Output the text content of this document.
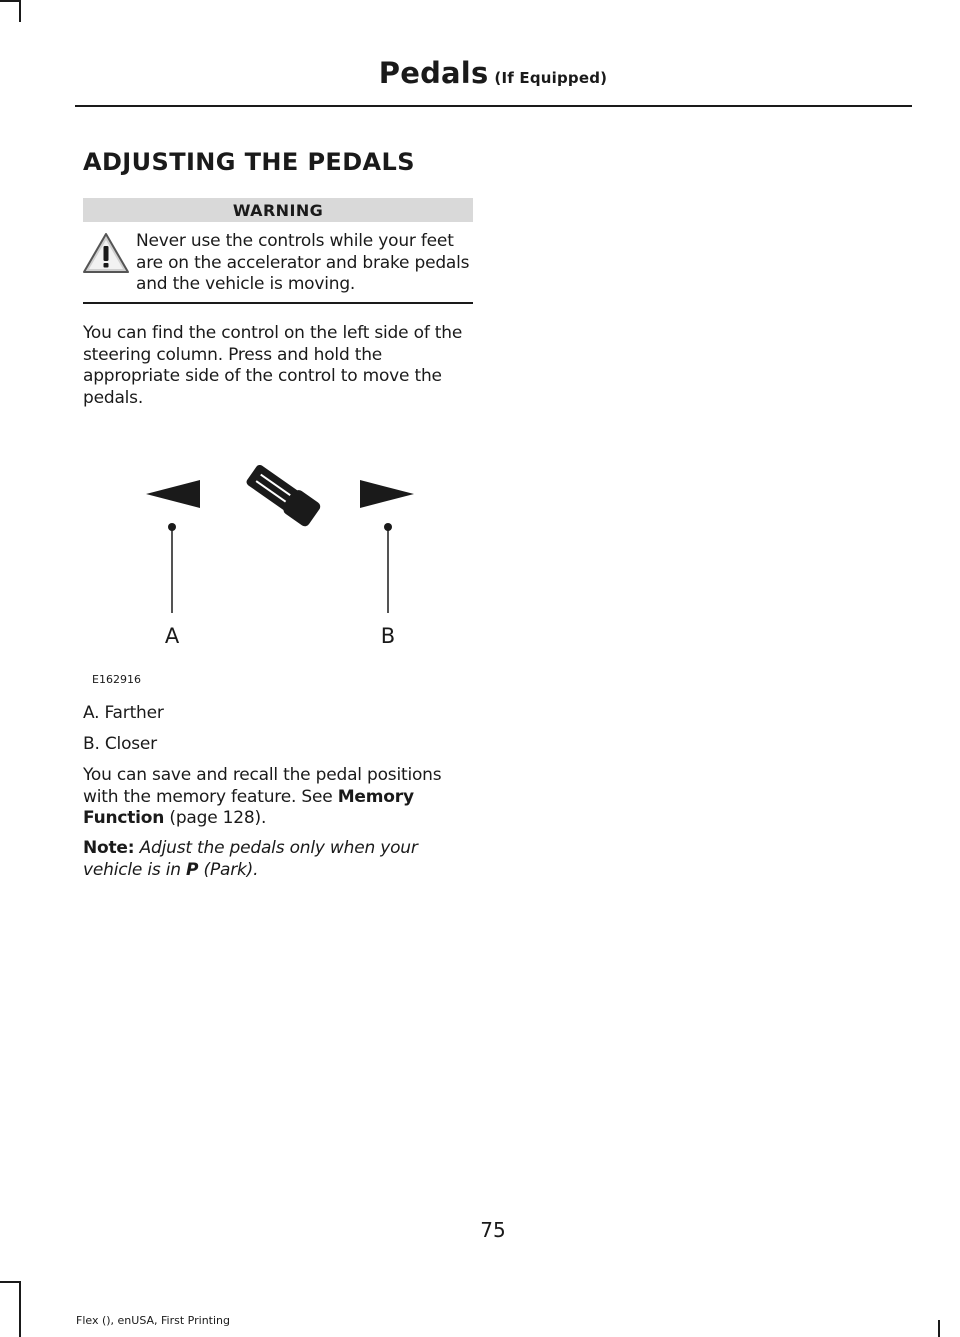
Pedals (If Equipped)
ADJUSTING THE PEDALS
WARNING
Never use the controls while your feet are on the accelerator and brake pedals and the vehicle is moving.
You can find the control on the left side of the steering column. Press and hold the appropriate side of the control to move the pedals.
A	B
E162916
A. Farther
B. Closer
You can save and recall the pedal positions with the memory feature. See Memory Function (page 128).
Note: Adjust the pedals only when your vehicle is in P (Park).
75
Flex (), enUSA, First Printing
